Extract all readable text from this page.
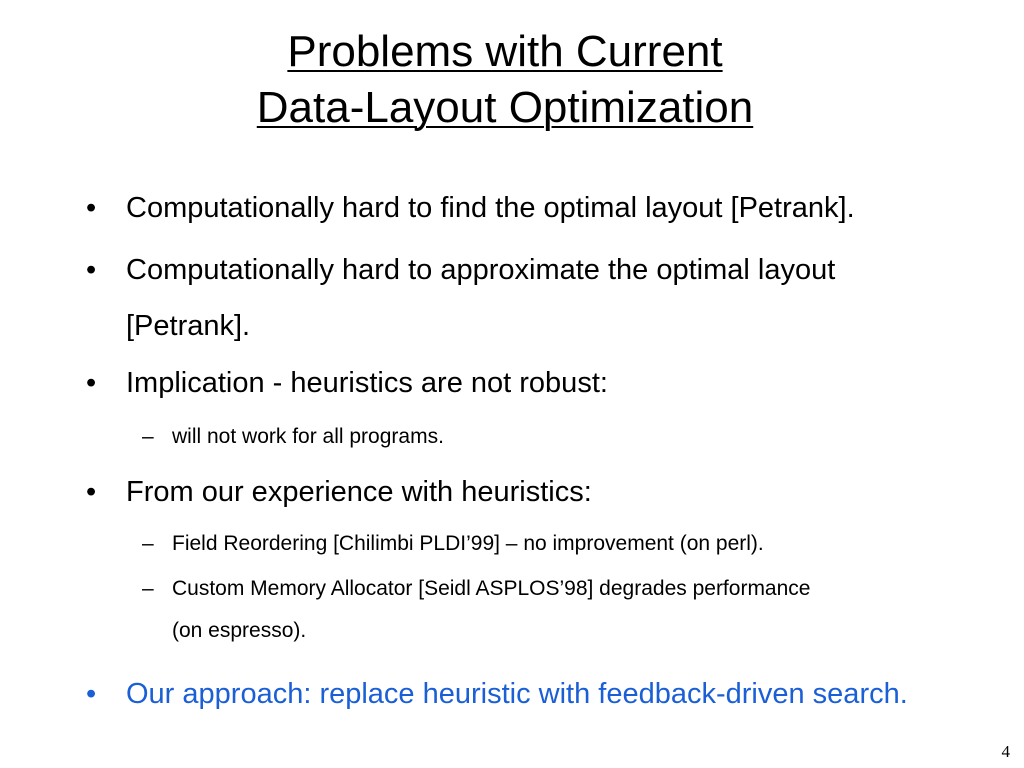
Problems with Current
Data-Layout Optimization
• Computationally hard to find the optimal layout [Petrank].
• Computationally hard to approximate the optimal layout
[Petrank].
• Implication - heuristics are not robust:
– will not work for all programs.
• From our experience with heuristics:
– Field Reordering [Chilimbi PLDI’99] – no improvement (on perl).
– Custom Memory Allocator [Seidl ASPLOS’98] degrades performance
(on espresso).
• Our approach: replace heuristic with feedback-driven search.
4
